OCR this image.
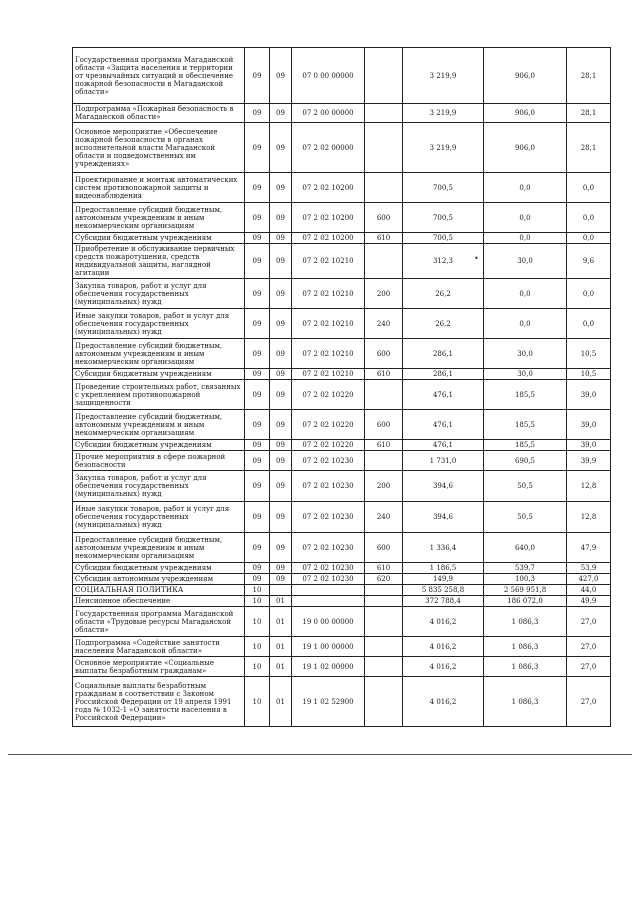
Государственная программа Магаданской области «Защита населения и территории от чрезвычайных ситуаций и обеспечение пожарной безопасности в Магаданской области»	09	09	07 0 00 00000		3 219,9	906,0	28,1
Подпрограмма «Пожарная безопасность в Магаданской области»	09	09	07 2 00 00000		3 219,9	906,0	28,1
Основное мероприятие «Обеспечение пожарной безопасности в органах исполнительной власти Магаданской области и подведомственных им учреждениях»	09	09	07 2 02 00000		3 219,9	906,0	28,1
Проектирование и монтаж автоматических систем противопожарной защиты и видеонаблюдения	09	09	07 2 02 10200		700,5	0,0	0,0
Предоставление субсидий бюджетным, автономным учреждениям и иным некоммерческим организациям	09	09	07 2 02 10200	600	700,5	0,0	0,0
Субсидии бюджетным учреждениям	09	09	07 2 02 10200	610	700,5	0,0	0,0
Приобретение и обслуживание первичных средств пожаротушения, средств индивидуальной защиты, наглядной агитации	09	09	07 2 02 10210		312,3	30,0	9,6
Закупка товаров, работ и услуг для обеспечения государственных (муниципальных) нужд	09	09	07 2 02 10210	200	26,2	0,0	0,0
Иные закупки товаров, работ и услуг для обеспечения государственных (муниципальных) нужд	09	09	07 2 02 10210	240	26,2	0,0	0,0
Предоставление субсидий бюджетным, автономным учреждениям и иным некоммерческим организациям	09	09	07 2 02 10210	600	286,1	30,0	10,5
Субсидии бюджетным учреждениям	09	09	07 2 02 10210	610	286,1	30,0	10,5
Проведение строительных работ, связанных с укреплением противопожарной защищенности	09	09	07 2 02 10220		476,1	185,5	39,0
Предоставление субсидий бюджетным, автономным учреждениям и иным некоммерческим организациям	09	09	07 2 02 10220	600	476,1	185,5	39,0
Субсидии бюджетным учреждениям	09	09	07 2 02 10220	610	476,1	185,5	39,0
Прочие мероприятия в сфере пожарной безопасности	09	09	07 2 02 10230		1 731,0	690,5	39,9
Закупка товаров, работ и услуг для обеспечения государственных (муниципальных) нужд	09	09	07 2 02 10230	200	394,6	50,5	12,8
Иные закупки товаров, работ и услуг для обеспечения государственных (муниципальных) нужд	09	09	07 2 02 10230	240	394,6	50,5	12,8
Предоставление субсидий бюджетным, автономным учреждениям и иным некоммерческим организациям	09	09	07 2 02 10230	600	1 336,4	640,0	47,9
Субсидии бюджетным учреждениям	09	09	07 2 02 10230	610	1 186,5	539,7	53,9
Субсидии автономным учреждениям	09	09	07 2 02 10230	620	149,9	100,3	427,0
СОЦИАЛЬНАЯ ПОЛИТИКА	10				5 835 258,8	2 569 951,8	44,0
Пенсионное обеспечение	10	01			372 788,4	186 072,0	49,9
Государственная программа Магаданской области «Трудовые ресурсы Магаданской области»	10	01	19 0 00 00000		4 016,2	1 086,3	27,0
Подпрограмма «Содействие занятости населения Магаданской области»	10	01	19 1 00 00000		4 016,2	1 086,3	27,0
Основное мероприятие «Социальные выплаты безработным гражданам»	10	01	19 1 02 00000		4 016,2	1 086,3	27,0
Социальные выплаты безработным гражданам в соответствии с Законом Российской Федерации от 19 апреля 1991 года № 1032-1 «О занятости населения в Российской Федерации»	10	01	19 1 02 52900		4 016,2	1 086,3	27,0
•
